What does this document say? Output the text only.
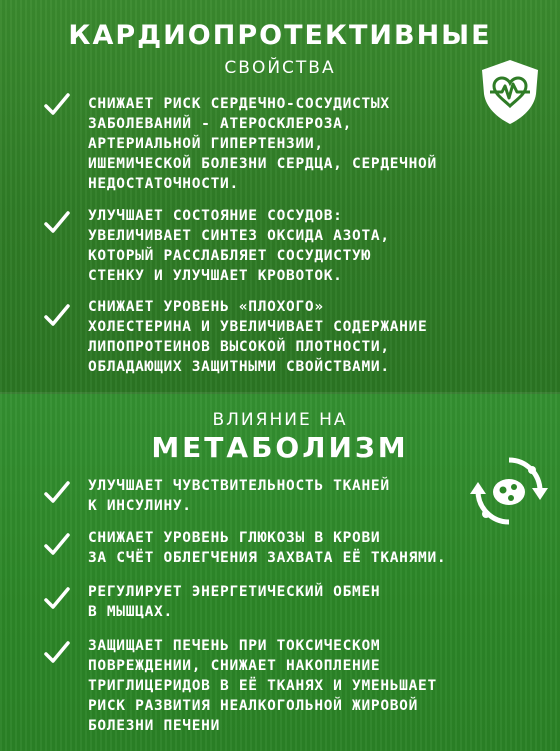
КАРДИОПРОТЕКТИВНЫЕ
СВОЙСТВА

СНИЖАЕТ РИСК СЕРДЕЧНО-СОСУДИСТЫХ
ЗАБОЛЕВАНИЙ - АТЕРОСКЛЕРОЗА,
АРТЕРИАЛЬНОЙ ГИПЕРТЕНЗИИ,
ИШЕМИЧЕСКОЙ БОЛЕЗНИ СЕРДЦА, СЕРДЕЧНОЙ
НЕДОСТАТОЧНОСТИ.

УЛУЧШАЕТ СОСТОЯНИЕ СОСУДОВ:
УВЕЛИЧИВАЕТ СИНТЕЗ ОКСИДА АЗОТА,
КОТОРЫЙ РАССЛАБЛЯЕТ СОСУДИСТУЮ
СТЕНКУ И УЛУЧШАЕТ КРОВОТОК.

СНИЖАЕТ УРОВЕНЬ «ПЛОХОГО»
ХОЛЕСТЕРИНА И УВЕЛИЧИВАЕТ СОДЕРЖАНИЕ
ЛИПОПРОТЕИНОВ ВЫСОКОЙ ПЛОТНОСТИ,
ОБЛАДАЮЩИХ ЗАЩИТНЫМИ СВОЙСТВАМИ.

ВЛИЯНИЕ НА
МЕТАБОЛИЗМ

УЛУЧШАЕТ ЧУВСТВИТЕЛЬНОСТЬ ТКАНЕЙ
К ИНСУЛИНУ.

СНИЖАЕТ УРОВЕНЬ ГЛЮКОЗЫ В КРОВИ
ЗА СЧЁТ ОБЛЕГЧЕНИЯ ЗАХВАТА ЕЁ ТКАНЯМИ.

РЕГУЛИРУЕТ ЭНЕРГЕТИЧЕСКИЙ ОБМЕН
В МЫШЦАХ.

ЗАЩИЩАЕТ ПЕЧЕНЬ ПРИ ТОКСИЧЕСКОМ
ПОВРЕЖДЕНИИ, СНИЖАЕТ НАКОПЛЕНИЕ
ТРИГЛИЦЕРИДОВ В ЕЁ ТКАНЯХ И УМЕНЬШАЕТ
РИСК РАЗВИТИЯ НЕАЛКОГОЛЬНОЙ ЖИРОВОЙ
БОЛЕЗНИ ПЕЧЕНИ
